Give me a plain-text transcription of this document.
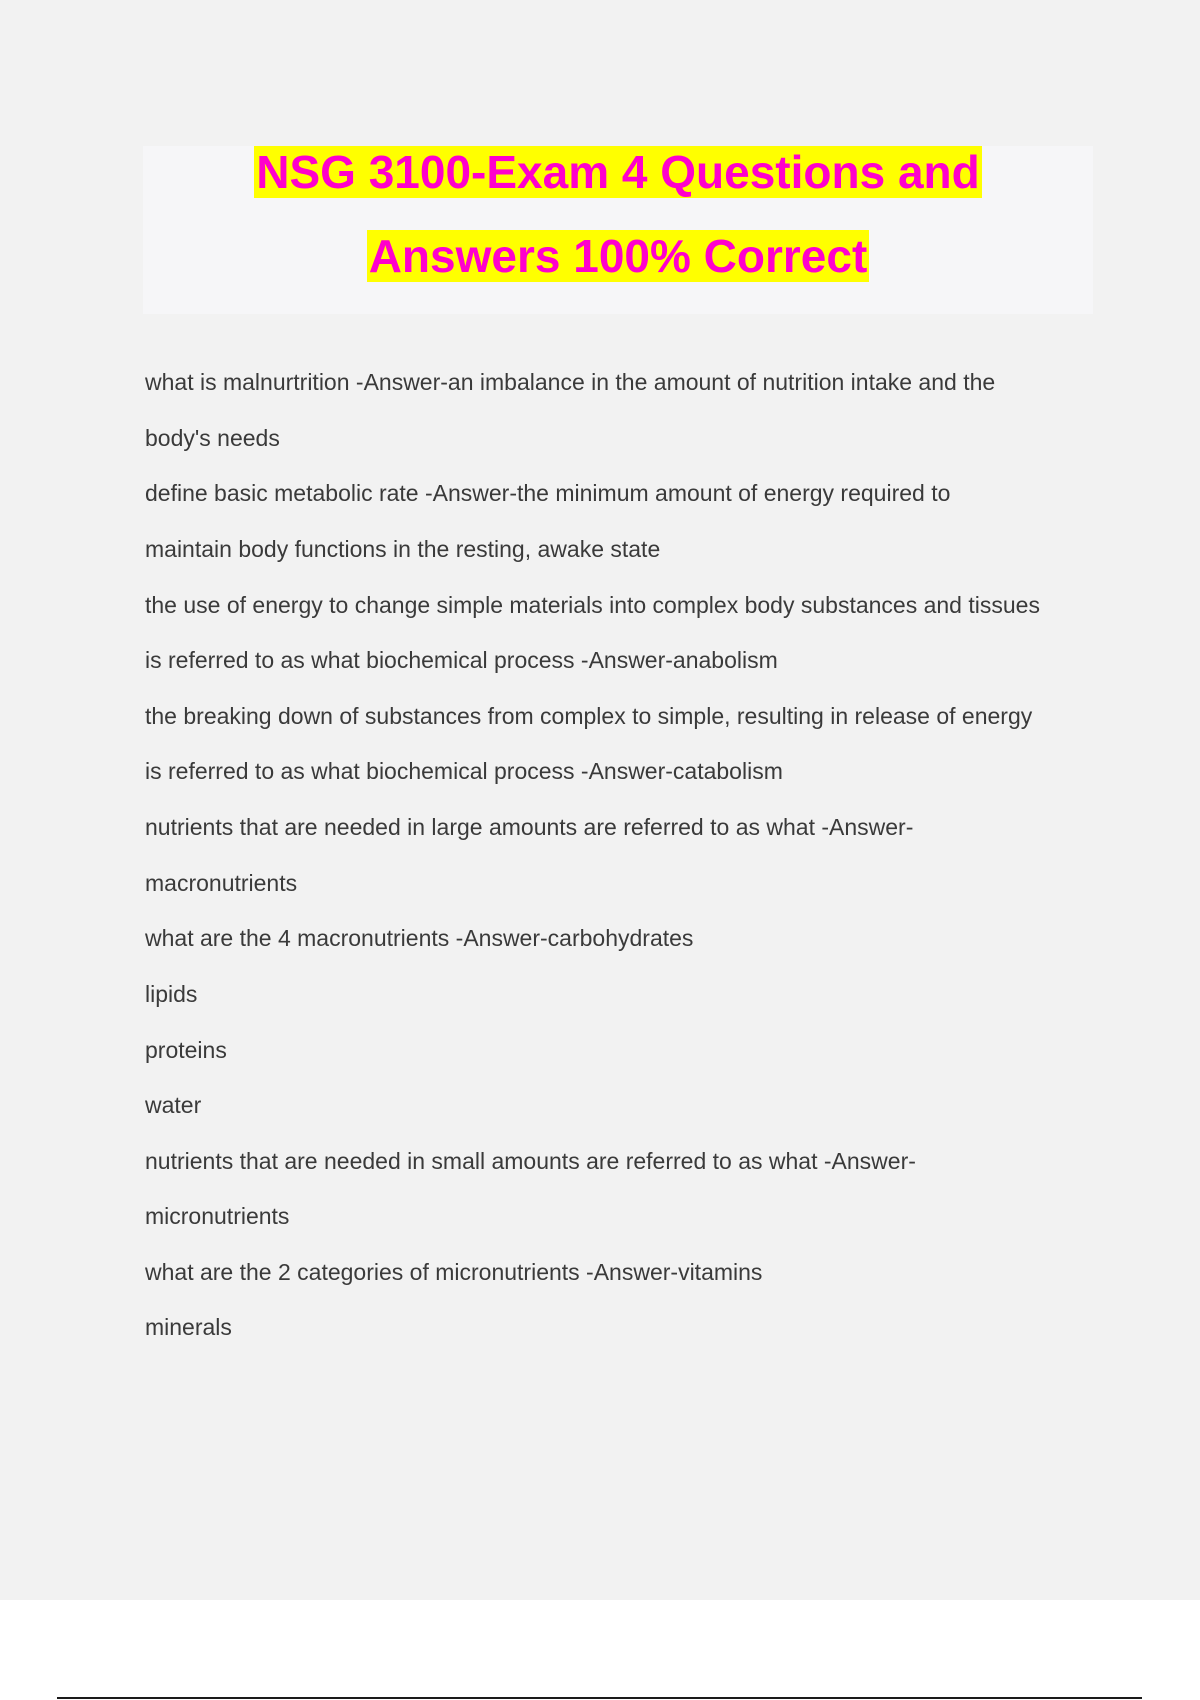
NSG 3100-Exam 4 Questions and
Answers 100% Correct
what is malnurtrition -Answer-an imbalance in the amount of nutrition intake and the
body's needs
define basic metabolic rate -Answer-the minimum amount of energy required to
maintain body functions in the resting, awake state
the use of energy to change simple materials into complex body substances and tissues
is referred to as what biochemical process -Answer-anabolism
the breaking down of substances from complex to simple, resulting in release of energy
is referred to as what biochemical process -Answer-catabolism
nutrients that are needed in large amounts are referred to as what -Answer-
macronutrients
what are the 4 macronutrients -Answer-carbohydrates
lipids
proteins
water
nutrients that are needed in small amounts are referred to as what -Answer-
micronutrients
what are the 2 categories of micronutrients -Answer-vitamins
minerals
